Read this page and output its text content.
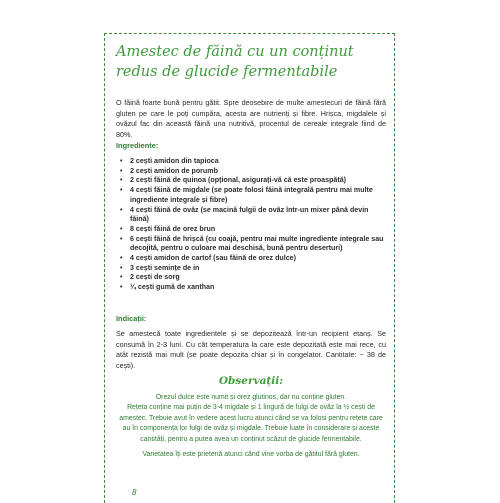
Amestec de făină cu un conținut redus de glucide fermentabile
O făină foarte bună pentru gătit. Spre deosebire de multe amestecuri de făină fără gluten pe care le poți cumpăra, acesta are nutrienți și fibre. Hrișca, migdalele și ovăzul fac din această făină una nutritivă, procentul de cereale integrale fiind de 80%.
Ingrediente:
• 2 cești amidon din tapioca
• 2 cești amidon de porumb
• 2 cești făină de quinoa (opțional, asigurați-vă că este proaspătă)
• 4 cești făină de migdale (se poate folosi făină integrală pentru mai multe ingrediente integrale și fibre)
• 4 cești făină de ovăz (se macină fulgii de ovăz într-un mixer până devin făină)
• 8 cești făină de orez brun
• 6 cești făină de hrișcă (cu coajă, pentru mai multe ingrediente integrale sau decojită, pentru o culoare mai deschisă, bună pentru deserturi)
• 4 cești amidon de cartof (sau făină de orez dulce)
• 3 cești semințe de in
• 2 cești de sorg
• ¼ cești gumă de xanthan
Indicații:
Se amestecă toate ingredientele și se depozitează într-un recipient etanș. Se consumă în 2-3 luni. Cu cât temperatura la care este depozitată este mai rece, cu atât rezistă mai mult (se poate depozita chiar și în congelator. Cantitate: ~ 38 de cești).
Observații:

Orezul dulce este numit și orez glutinos, dar nu conține gluten.

Rețeta conține mai puțin de 3-4 migdale și 1 lingură de fulgi de ovăz la ½ cești de amestec. Trebuie avut în vedere acest lucru atunci când se va folosi pentru rețete care au în componența lor fulgi de ovăz și migdale. Trebuie luate în considerare și aceste cantități, pentru a putea avea un conținut scăzut de glucide fermentabile.

Varietatea îți este prietenă atunci când vine vorba de gătitul fără gluten.

8
